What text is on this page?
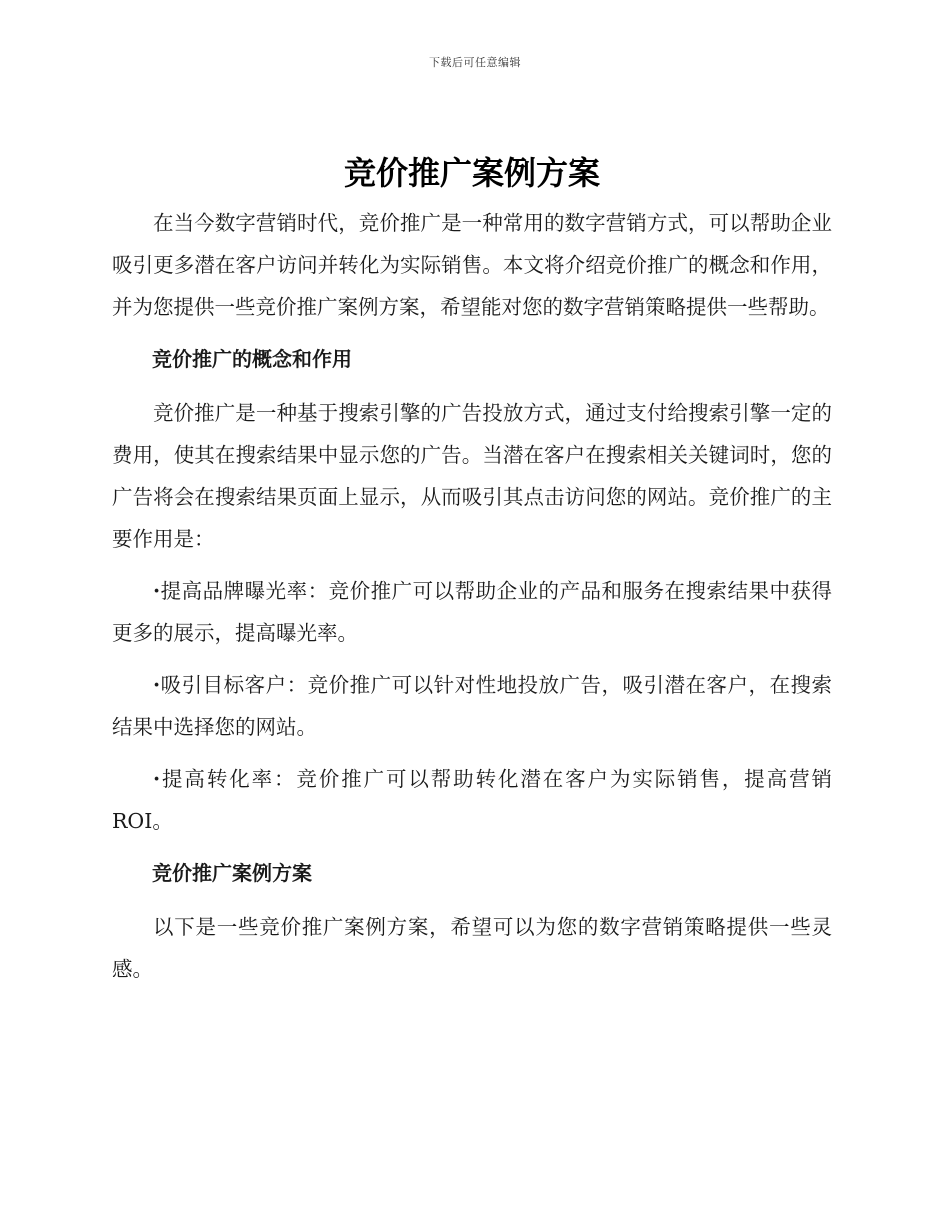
下载后可任意编辑
竞价推广案例方案

在当今数字营销时代，竞价推广是一种常用的数字营销方式，可以帮助企业吸引更多潜在客户访问并转化为实际销售。本文将介绍竞价推广的概念和作用，并为您提供一些竞价推广案例方案，希望能对您的数字营销策略提供一些帮助。

竞价推广的概念和作用

竞价推广是一种基于搜索引擎的广告投放方式，通过支付给搜索引擎一定的费用，使其在搜索结果中显示您的广告。当潜在客户在搜索相关关键词时，您的广告将会在搜索结果页面上显示，从而吸引其点击访问您的网站。竞价推广的主要作用是：

·提高品牌曝光率：竞价推广可以帮助企业的产品和服务在搜索结果中获得更多的展示，提高曝光率。

·吸引目标客户：竞价推广可以针对性地投放广告，吸引潜在客户，在搜索结果中选择您的网站。

·提高转化率：竞价推广可以帮助转化潜在客户为实际销售，提高营销ROI。

竞价推广案例方案

以下是一些竞价推广案例方案，希望可以为您的数字营销策略提供一些灵感。
